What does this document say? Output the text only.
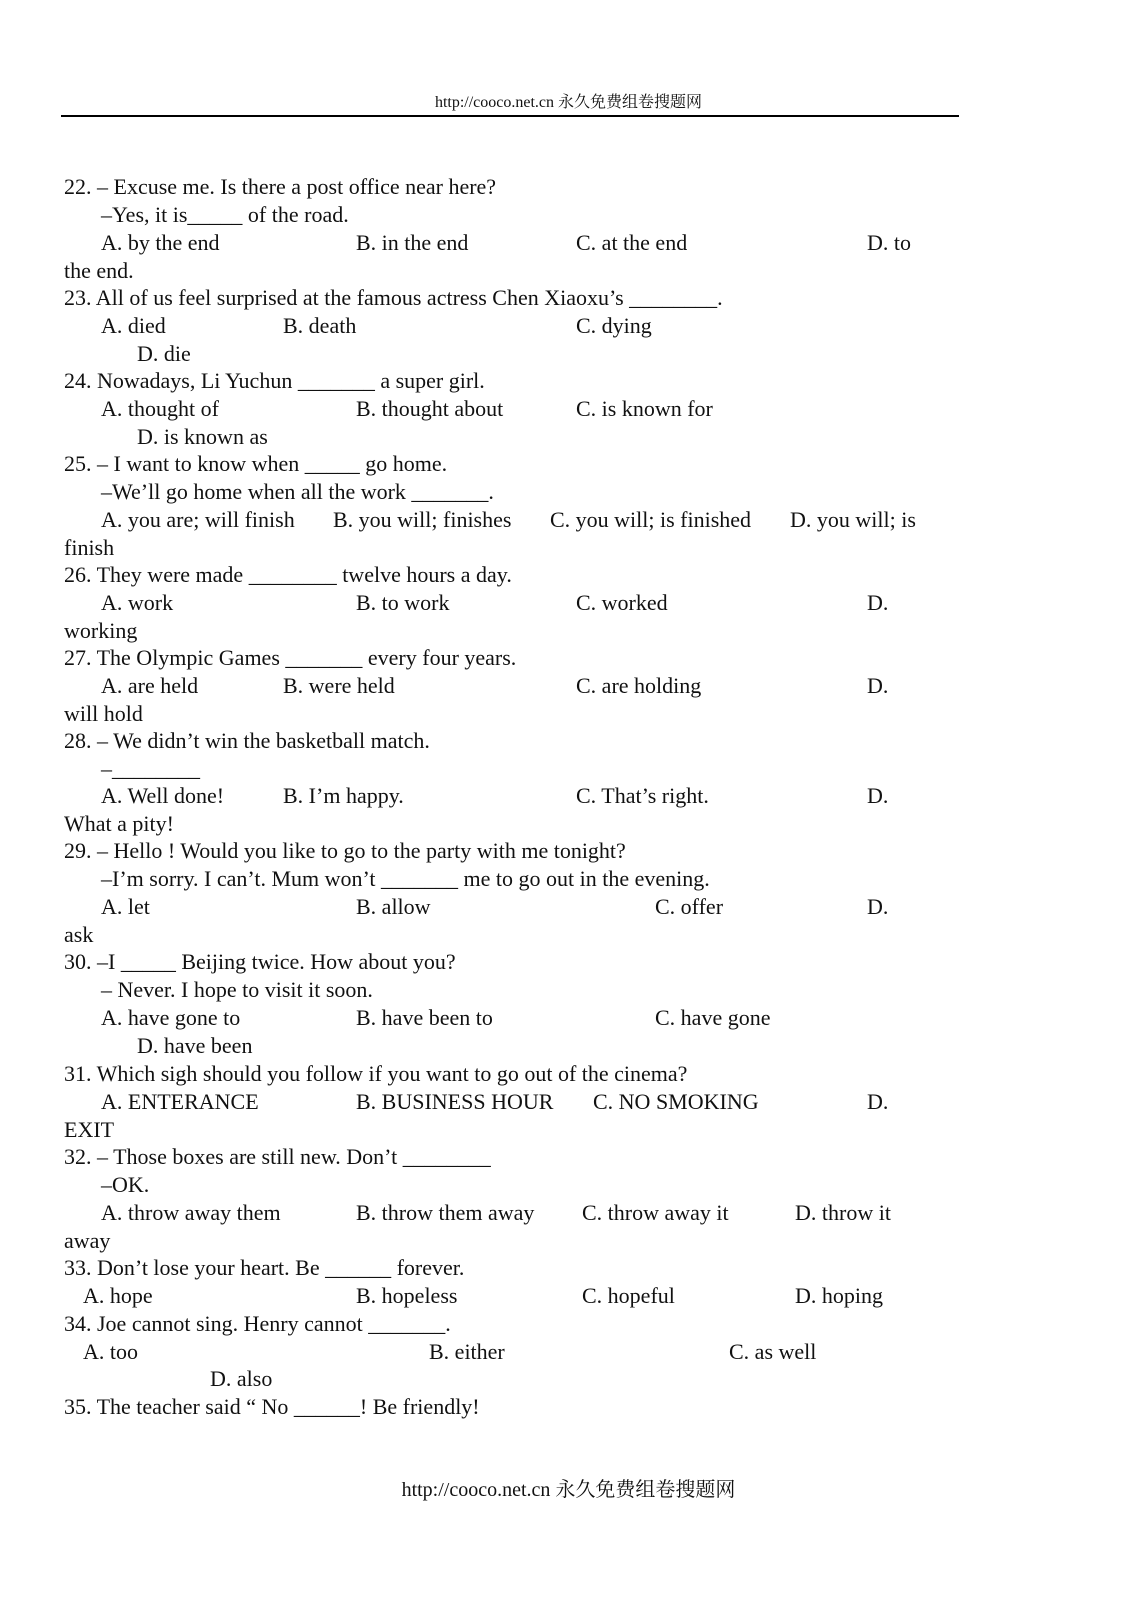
http://cooco.net.cn 永久免费组卷搜题网
22. – Excuse me. Is there a post office near here?
–Yes, it is_____ of the road.
A. by the end	B. in the end	C. at the end	D. to
the end.
23. All of us feel surprised at the famous actress Chen Xiaoxu’s ________.
A. died	B. death	C. dying
D. die
24. Nowadays, Li Yuchun _______ a super girl.
A. thought of	B. thought about	C. is known for
D. is known as
25. – I want to know when _____ go home.
–We’ll go home when all the work _______.
A. you are; will finish B. you will; finishes C. you will; is finished D. you will; is
finish
26. They were made ________ twelve hours a day.
A. work	B. to work	C. worked	D.
working
27. The Olympic Games _______ every four years.
A. are held	B. were held	C. are holding	D.
will hold
28. – We didn’t win the basketball match.
–________
A. Well done!	B. I’m happy.	C. That’s right.	D.
What a pity!
29. – Hello ! Would you like to go to the party with me tonight?
–I’m sorry. I can’t. Mum won’t _______ me to go out in the evening.
A. let	B. allow	C. offer	D.
ask
30. –I _____ Beijing twice. How about you?
– Never. I hope to visit it soon.
A. have gone to	B. have been to	C. have gone
D. have been
31. Which sigh should you follow if you want to go out of the cinema?
A. ENTERANCE	B. BUSINESS HOUR C. NO SMOKING	D.
EXIT
32. – Those boxes are still new. Don’t ________
–OK.
A. throw away them	B. throw them away C. throw away it	D. throw it
away
33. Don’t lose your heart. Be ______ forever.
A. hope	B. hopeless	C. hopeful	D. hoping
34. Joe cannot sing. Henry cannot _______.
A. too	B. either	C. as well
D. also
35. The teacher said “ No ______! Be friendly!
http://cooco.net.cn 永久免费组卷搜题网
